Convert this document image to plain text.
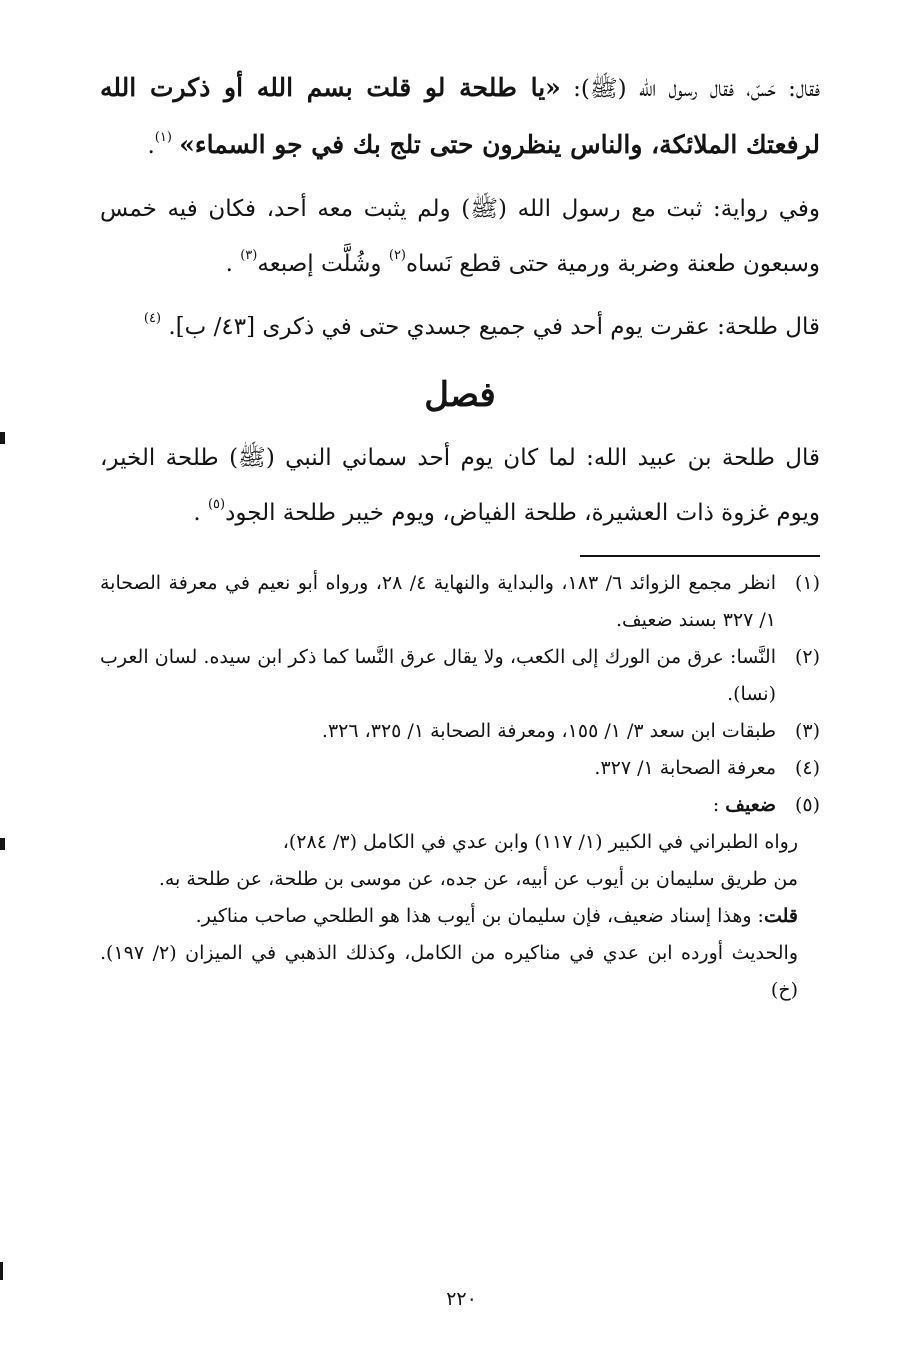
فقال: حَسّ، فقال رسول الله (ﷺ): «يا طلحة لو قلت بسم الله أو ذكرت الله لرفعتك الملائكة، والناس ينظرون حتى تلج بك في جو السماء» $^{(١)}$.

وفي رواية: ثبت مع رسول الله (ﷺ) ولم يثبت معه أحد، فكان فيه خمس وسبعون طعنة وضربة ورمية حتى قطع نَساه$^{(٢)}$ وشُلَّت إصبعه$^{(٣)}$ .

قال طلحة: عقرت يوم أحد في جميع جسدي حتى في ذكرى [٤٣/ ب]. $^{(٤)}$

فصل

قال طلحة بن عبيد الله: لما كان يوم أحد سماني النبي (ﷺ) طلحة الخير، ويوم غزوة ذات العشيرة، طلحة الفياض، ويوم خيبر طلحة الجود$^{(٥)}$ .

(١)
انظر مجمع الزوائد ٦/ ١٨٣، والبداية والنهاية ٤/ ٢٨، ورواه أبو نعيم في معرفة الصحابة ١/ ٣٢٧ بسند ضعيف.

(٢)
النَّسا: عرق من الورك إلى الكعب، ولا يقال عرق النَّسا كما ذكر ابن سيده. لسان العرب (نسا).

(٣)
طبقات ابن سعد ٣/ ١/ ١٥٥، ومعرفة الصحابة ١/ ٣٢٥، ٣٢٦.

(٤)
معرفة الصحابة ١/ ٣٢٧.

(٥)
ضعيف :

رواه الطبراني في الكبير (١/ ١١٧) وابن عدي في الكامل (٣/ ٢٨٤)،

من طريق سليمان بن أيوب عن أبيه، عن جده، عن موسى بن طلحة، عن طلحة به.

قلت: وهذا إسناد ضعيف، فإن سليمان بن أيوب هذا هو الطلحي صاحب مناكير.

والحديث أورده ابن عدي في مناكيره من الكامل، وكذلك الذهبي في الميزان (٢/ ١٩٧). (خ)

٢٢٠
